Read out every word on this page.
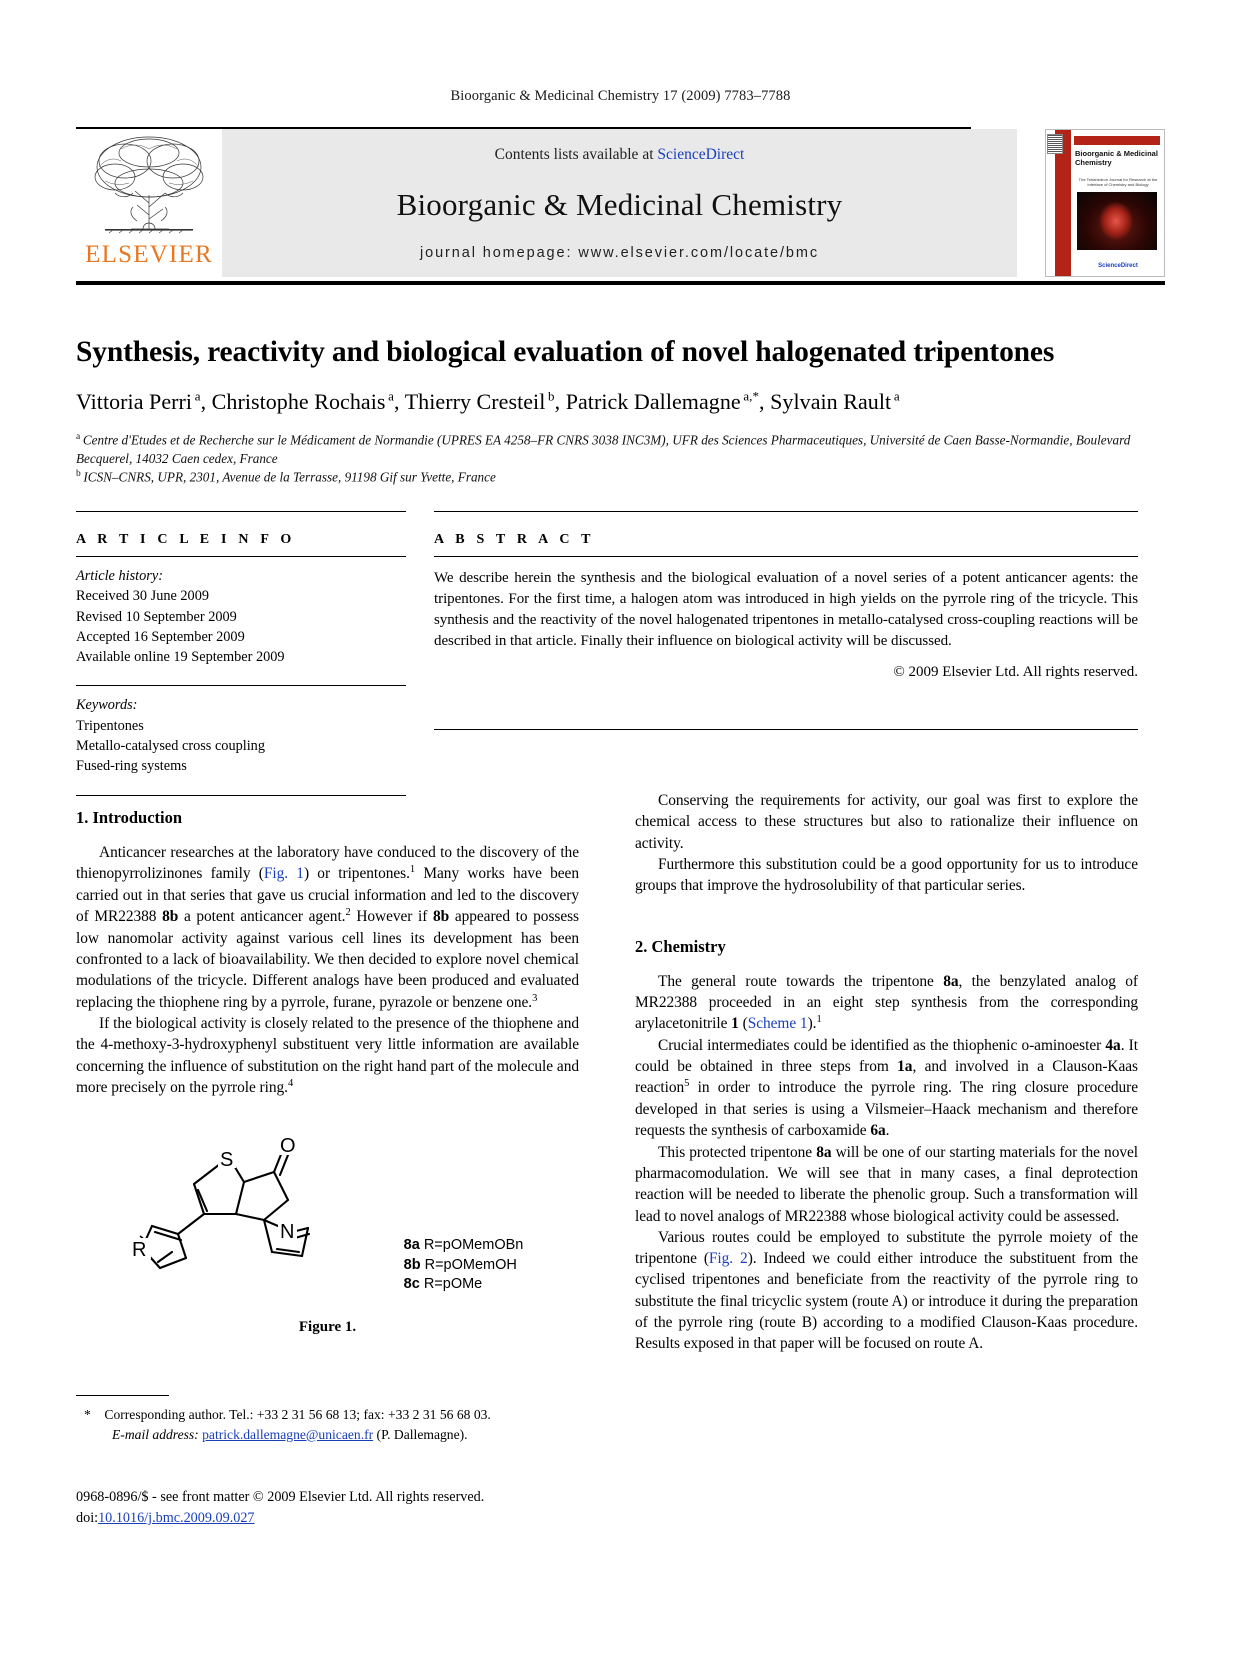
Bioorganic & Medicinal Chemistry 17 (2009) 7783–7788
ELSEVIER
Contents lists available at ScienceDirect
Bioorganic & Medicinal Chemistry
journal homepage: www.elsevier.com/locate/bmc
Bioorganic & Medicinal Chemistry
The Tetrahedron Journal for Research at the Interface of Chemistry and Biology
ScienceDirect
Synthesis, reactivity and biological evaluation of novel halogenated tripentones
Vittoria Perri $^a$, Christophe Rochais $^a$, Thierry Cresteil $^b$, Patrick Dallemagne $^{a,*}$, Sylvain Rault $^a$
$^a$  Centre d'Etudes et de Recherche sur le Médicament de Normandie (UPRES EA 4258–FR CNRS 3038 INC3M), UFR des Sciences Pharmaceutiques, Université de Caen Basse-Normandie, Boulevard Becquerel, 14032 Caen cedex, France
$^b$  ICSN–CNRS, UPR, 2301, Avenue de la Terrasse, 91198 Gif sur Yvette, France
A R T I C L E I N F O
Article history:
Received 30 June 2009
Revised 10 September 2009
Accepted 16 September 2009
Available online 19 September 2009
Keywords:
Tripentones
Metallo-catalysed cross coupling
Fused-ring systems
A B S T R A C T
We describe herein the synthesis and the biological evaluation of a novel series of a potent anticancer agents: the tripentones. For the first time, a halogen atom was introduced in high yields on the pyrrole ring of the tricycle. This synthesis and the reactivity of the novel halogenated tripentones in metallo-catalysed cross-coupling reactions will be described in that article. Finally their influence on biological activity will be discussed.
© 2009 Elsevier Ltd. All rights reserved.
1. Introduction

Anticancer researches at the laboratory have conduced to the discovery of the thienopyrrolizinones family (Fig. 1) or tripentones.$^1$ Many works have been carried out in that series that gave us crucial information and led to the discovery of MR22388 8b a potent anticancer agent.$^2$ However if 8b appeared to possess low nanomolar activity against various cell lines its development has been confronted to a lack of bioavailability. We then decided to explore novel chemical modulations of the tricycle. Different analogs have been produced and evaluated replacing the thiophene ring by a pyrrole, furane, pyrazole or benzene one.$^3$

If the biological activity is closely related to the presence of the thiophene and the 4-methoxy-3-hydroxyphenyl substituent very little information are available concerning the influence of substitution on the right hand part of the molecule and more precisely on the pyrrole ring.$^4$

S
O
N
R
	8a R=pOMemOBn
8b R=pOMemOH
8c R=pOMe
Figure 1.

Conserving the requirements for activity, our goal was first to explore the chemical access to these structures but also to rationalize their influence on activity.

Furthermore this substitution could be a good opportunity for us to introduce groups that improve the hydrosolubility of that particular series.

2. Chemistry

The general route towards the tripentone 8a, the benzylated analog of MR22388 proceeded in an eight step synthesis from the corresponding arylacetonitrile 1 (Scheme 1).$^1$

Crucial intermediates could be identified as the thiophenic o-aminoester 4a. It could be obtained in three steps from 1a, and involved in a Clauson-Kaas reaction$^5$ in order to introduce the pyrrole ring. The ring closure procedure developed in that series is using a Vilsmeier–Haack mechanism and therefore requests the synthesis of carboxamide 6a.

This protected tripentone 8a will be one of our starting materials for the novel pharmacomodulation. We will see that in many cases, a final deprotection reaction will be needed to liberate the phenolic group. Such a transformation will lead to novel analogs of MR22388 whose biological activity could be assessed.

Various routes could be employed to substitute the pyrrole moiety of the tripentone (Fig. 2). Indeed we could either introduce the substituent from the cyclised tripentones and beneficiate from the reactivity of the pyrrole ring to substitute the final tricyclic system (route A) or introduce it during the preparation of the pyrrole ring (route B) according to a modified Clauson-Kaas procedure. Results exposed in that paper will be focused on route A.

*  Corresponding author. Tel.: +33 2 31 56 68 13; fax: +33 2 31 56 68 03.
E-mail address: patrick.dallemagne@unicaen.fr (P. Dallemagne).
0968-0896/$ - see front matter © 2009 Elsevier Ltd. All rights reserved.
doi:10.1016/j.bmc.2009.09.027
